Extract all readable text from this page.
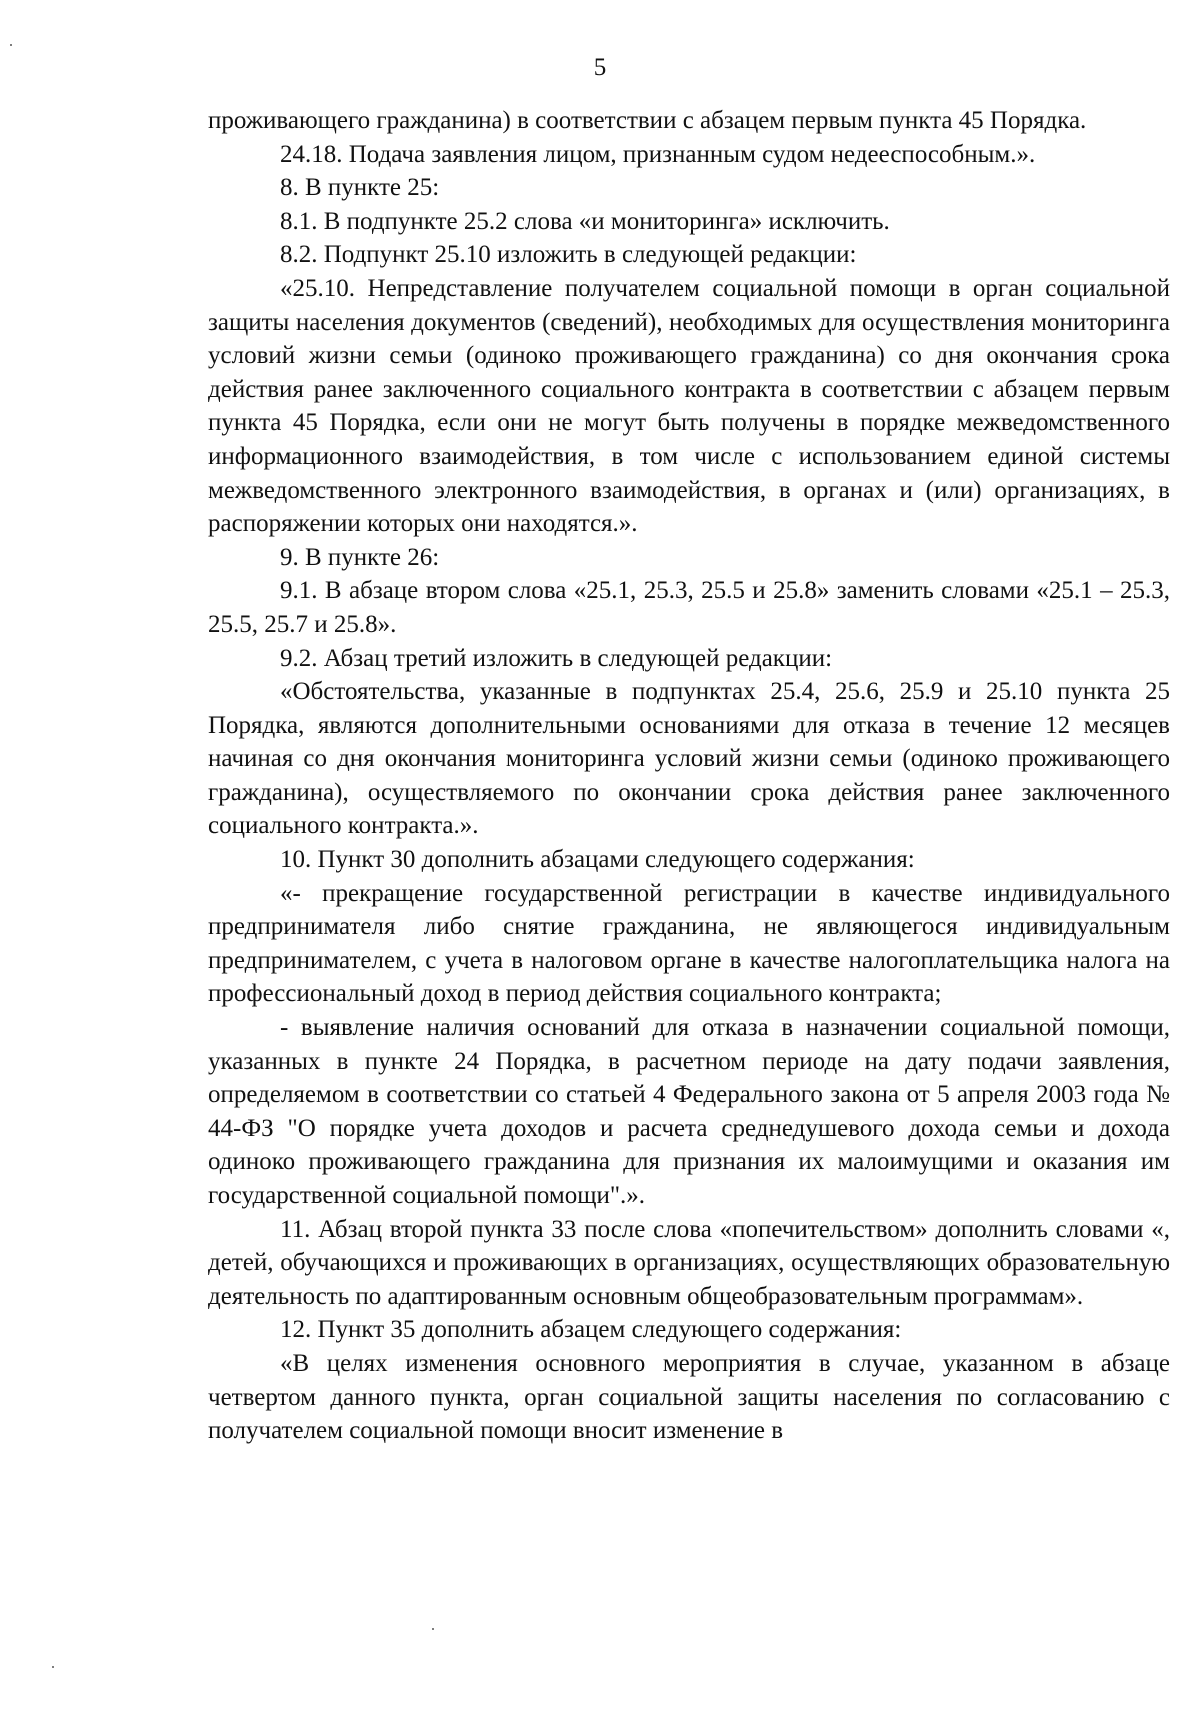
5

проживающего гражданина) в соответствии с абзацем первым пункта 45 Порядка.

24.18. Подача заявления лицом, признанным судом недееспособным.».

8. В пункте 25:

8.1. В подпункте 25.2 слова «и мониторинга» исключить.

8.2. Подпункт 25.10 изложить в следующей редакции:

«25.10. Непредставление получателем социальной помощи в орган социальной защиты населения документов (сведений), необходимых для осуществления мониторинга условий жизни семьи (одиноко проживающего гражданина) со дня окончания срока действия ранее заключенного социального контракта в соответствии с абзацем первым пункта 45 Порядка, если они не могут быть получены в порядке межведомственного информационного взаимодействия, в том числе с использованием единой системы межведомственного электронного взаимодействия, в органах и (или) организациях, в распоряжении которых они находятся.».

9. В пункте 26:

9.1. В абзаце втором слова «25.1, 25.3, 25.5 и 25.8» заменить словами «25.1 – 25.3, 25.5, 25.7 и 25.8».

9.2. Абзац третий изложить в следующей редакции:

«Обстоятельства, указанные в подпунктах 25.4, 25.6, 25.9 и 25.10 пункта 25 Порядка, являются дополнительными основаниями для отказа в течение 12 месяцев начиная со дня окончания мониторинга условий жизни семьи (одиноко проживающего гражданина), осуществляемого по окончании срока действия ранее заключенного социального контракта.».

10. Пункт 30 дополнить абзацами следующего содержания:

«- прекращение государственной регистрации в качестве индивидуального предпринимателя либо снятие гражданина, не являющегося индивидуальным предпринимателем, с учета в налоговом органе в качестве налогоплательщика налога на профессиональный доход в период действия социального контракта;

- выявление наличия оснований для отказа в назначении социальной помощи, указанных в пункте 24 Порядка, в расчетном периоде на дату подачи заявления, определяемом в соответствии со статьей 4 Федерального закона от 5 апреля 2003 года № 44-ФЗ "О порядке учета доходов и расчета среднедушевого дохода семьи и дохода одиноко проживающего гражданина для признания их малоимущими и оказания им государственной социальной помощи".».

11. Абзац второй пункта 33 после слова «попечительством» дополнить словами «, детей, обучающихся и проживающих в организациях, осуществляющих образовательную деятельность по адаптированным основным общеобразовательным программам».

12. Пункт 35 дополнить абзацем следующего содержания:

«В целях изменения основного мероприятия в случае, указанном в абзаце четвертом данного пункта, орган социальной защиты населения по согласованию с получателем социальной помощи вносит изменение в
